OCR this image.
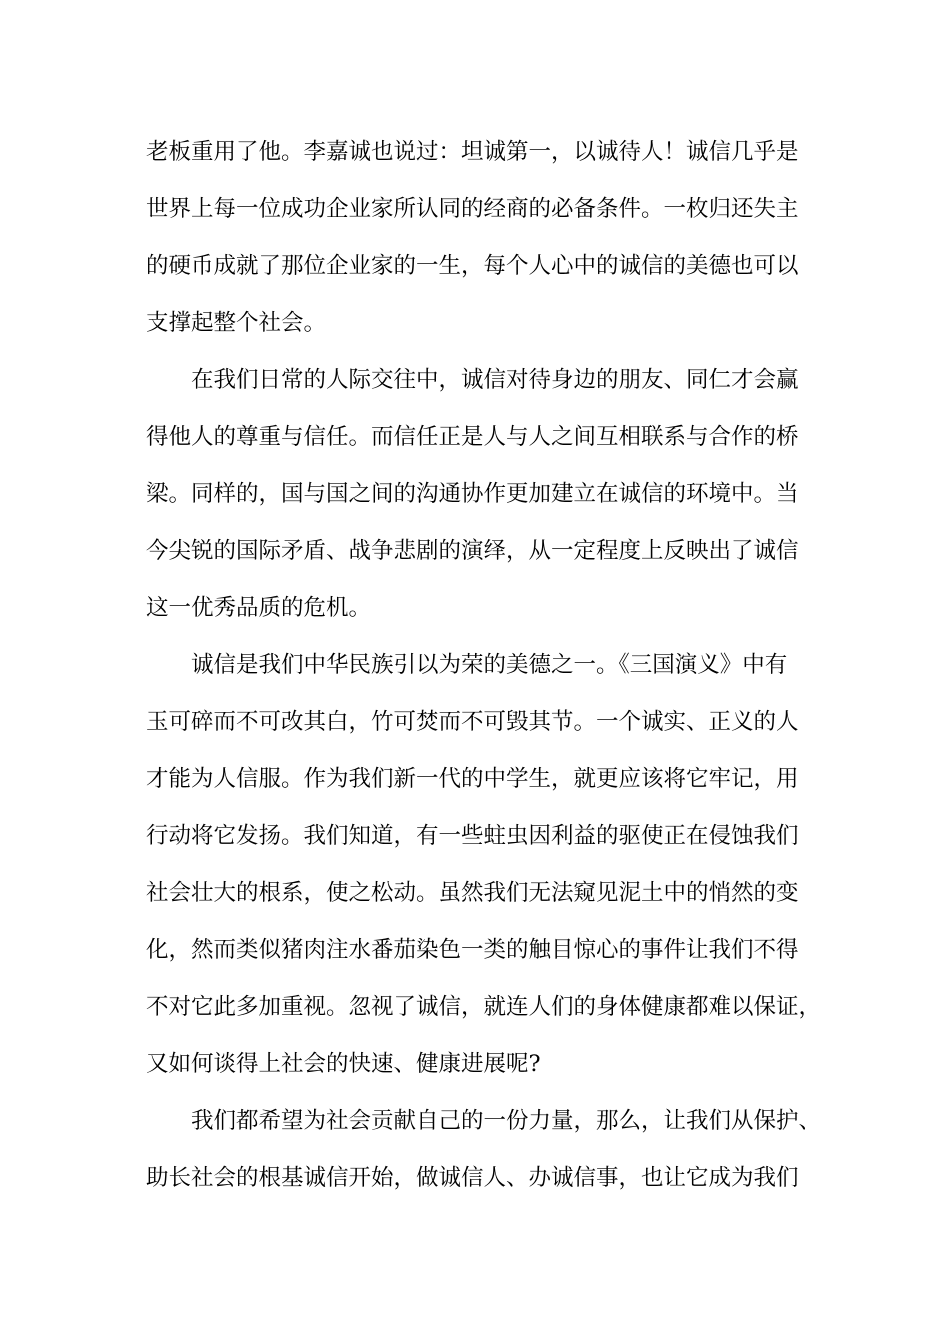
老板重用了他。李嘉诚也说过：坦诚第一，以诚待人！诚信几乎是
世界上每一位成功企业家所认同的经商的必备条件。一枚归还失主
的硬币成就了那位企业家的一生，每个人心中的诚信的美德也可以
支撑起整个社会。
在我们日常的人际交往中，诚信对待身边的朋友、同仁才会赢
得他人的尊重与信任。而信任正是人与人之间互相联系与合作的桥
梁。同样的，国与国之间的沟通协作更加建立在诚信的环境中。当
今尖锐的国际矛盾、战争悲剧的演绎，从一定程度上反映出了诚信
这一优秀品质的危机。
诚信是我们中华民族引以为荣的美德之一。《三国演义》中有
玉可碎而不可改其白，竹可焚而不可毁其节。一个诚实、正义的人
才能为人信服。作为我们新一代的中学生，就更应该将它牢记，用
行动将它发扬。我们知道，有一些蛀虫因利益的驱使正在侵蚀我们
社会壮大的根系，使之松动。虽然我们无法窥见泥土中的悄然的变
化，然而类似猪肉注水番茄染色一类的触目惊心的事件让我们不得
不对它此多加重视。忽视了诚信，就连人们的身体健康都难以保证，
又如何谈得上社会的快速、健康进展呢?
我们都希望为社会贡献自己的一份力量，那么，让我们从保护、
助长社会的根基诚信开始，做诚信人、办诚信事，也让它成为我们
